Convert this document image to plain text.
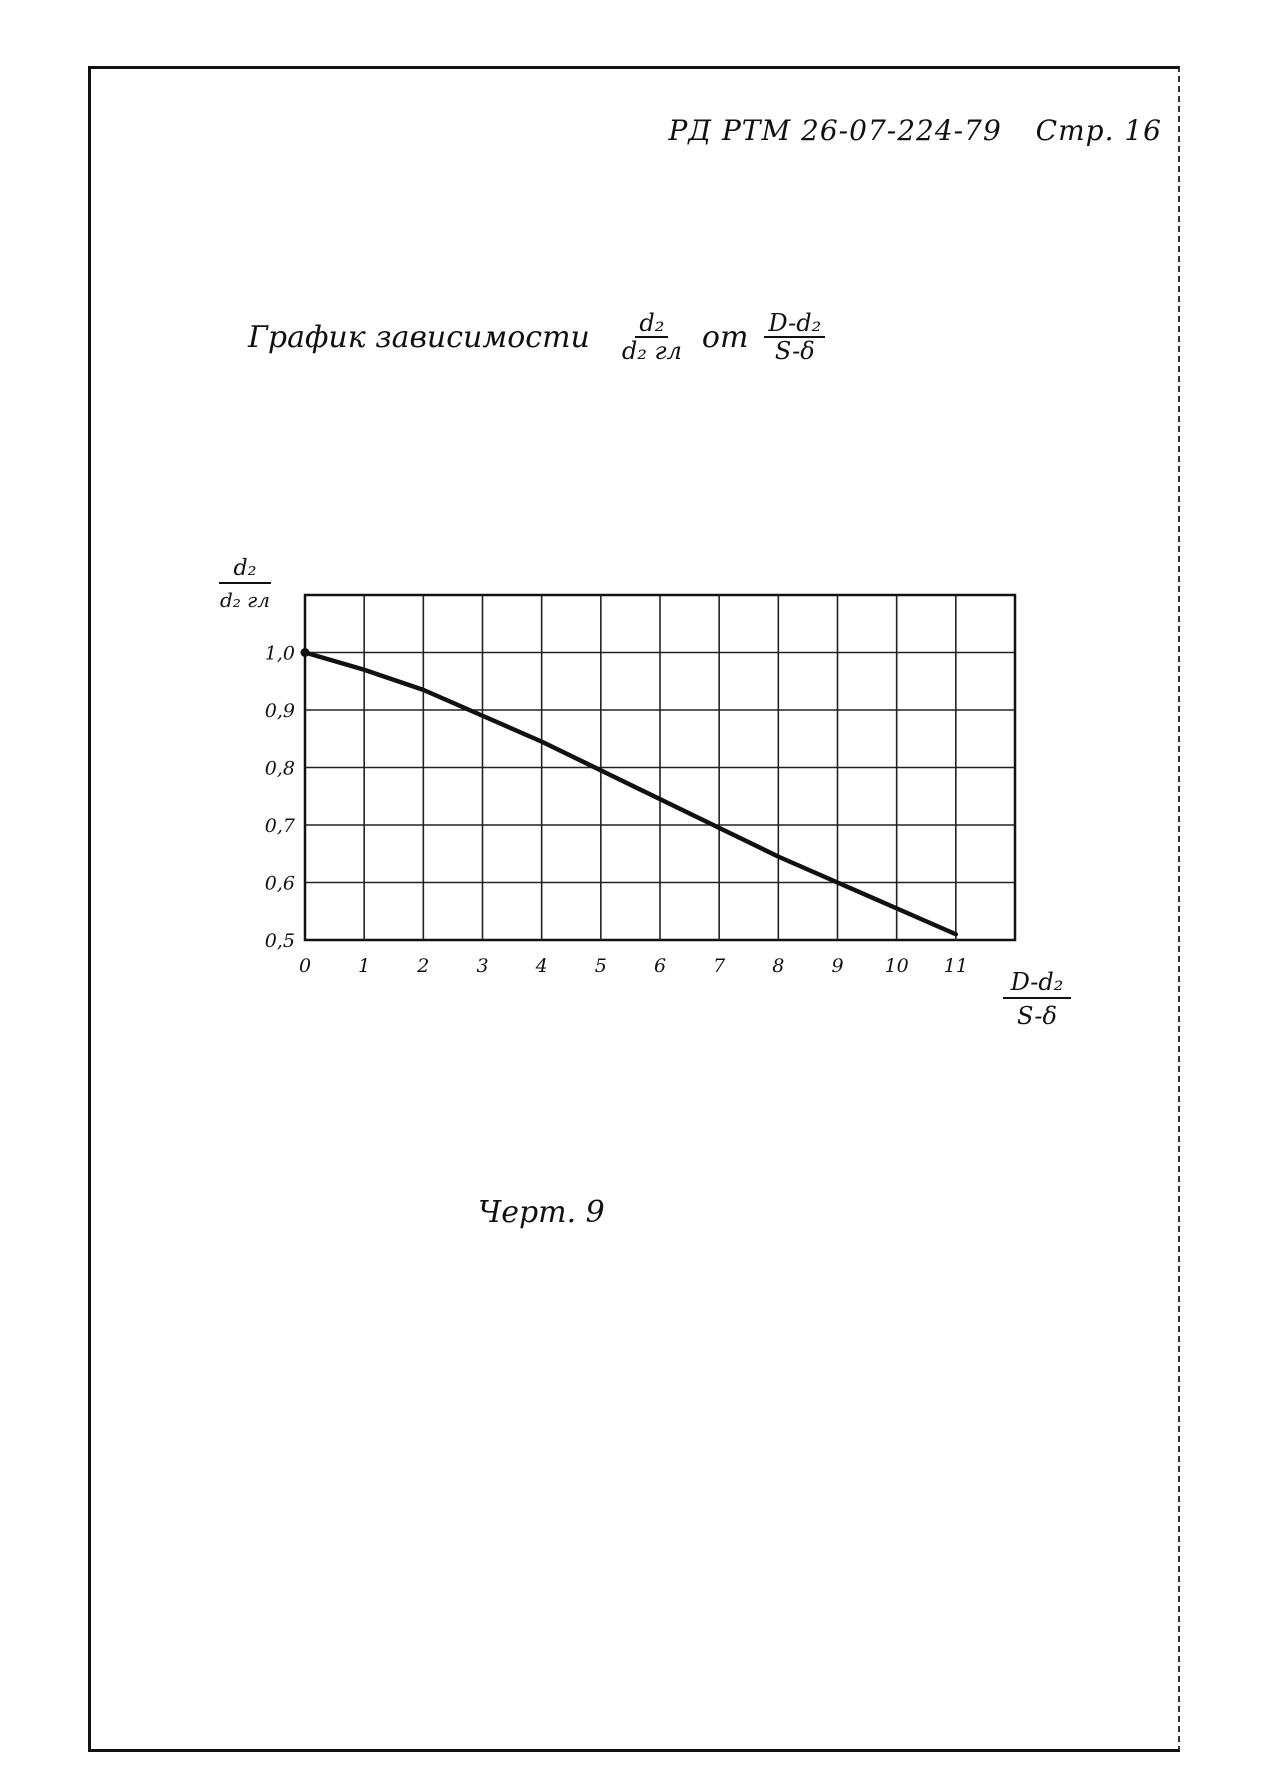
РД РТМ 26-07-224-79 Стр. 16
График зависимости $\frac{\text{d₂}}{\text{d₂ гл}}$ от $\frac{\text{D-d₂}}{S-\delta}$
0 1 2 3 4 5 6 7 8 9 10 11
0,5
0,6
0,7
0,8
0,9
1,0
d₂
d₂ гл
D-d₂
S-δ
Черт. 9
